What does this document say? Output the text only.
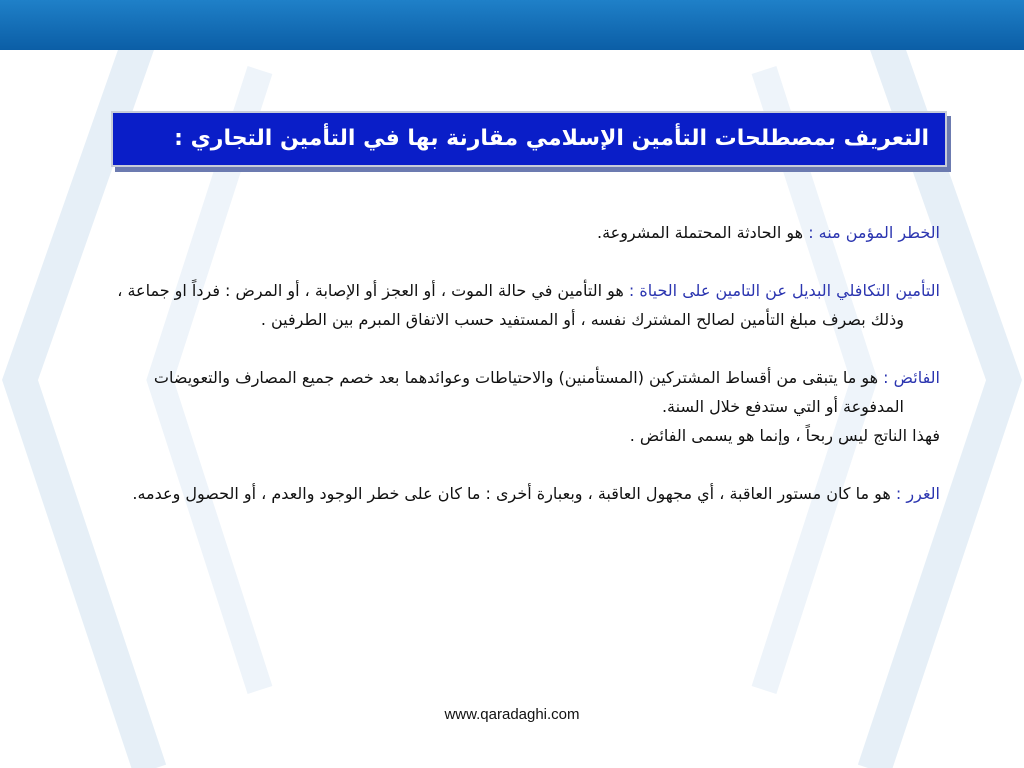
التعريف بمصطلحات التأمين الإسلامي مقارنة بها في التأمين التجاري :

الخطر المؤمن منه : هو الحادثة المحتملة المشروعة.

التأمين التكافلي البديل عن التامين على الحياة : هو التأمين في حالة الموت ، أو العجز أو الإصابة ، أو المرض : فرداً او جماعة ، وذلك بصرف مبلغ التأمين لصالح المشترك نفسه ، أو المستفيد حسب الاتفاق المبرم بين الطرفين .

الفائض : هو ما يتبقى من أقساط المشتركين (المستأمنين) والاحتياطات وعوائدهما بعد خصم جميع المصارف والتعويضات المدفوعة أو التي ستدفع خلال السنة.

فهذا الناتج ليس ربحاً ، وإنما هو يسمى الفائض .

الغرر : هو ما كان مستور العاقبة ، أي مجهول العاقبة ، وبعبارة أخرى : ما كان على خطر الوجود والعدم ، أو الحصول وعدمه.

www.qaradaghi.com
